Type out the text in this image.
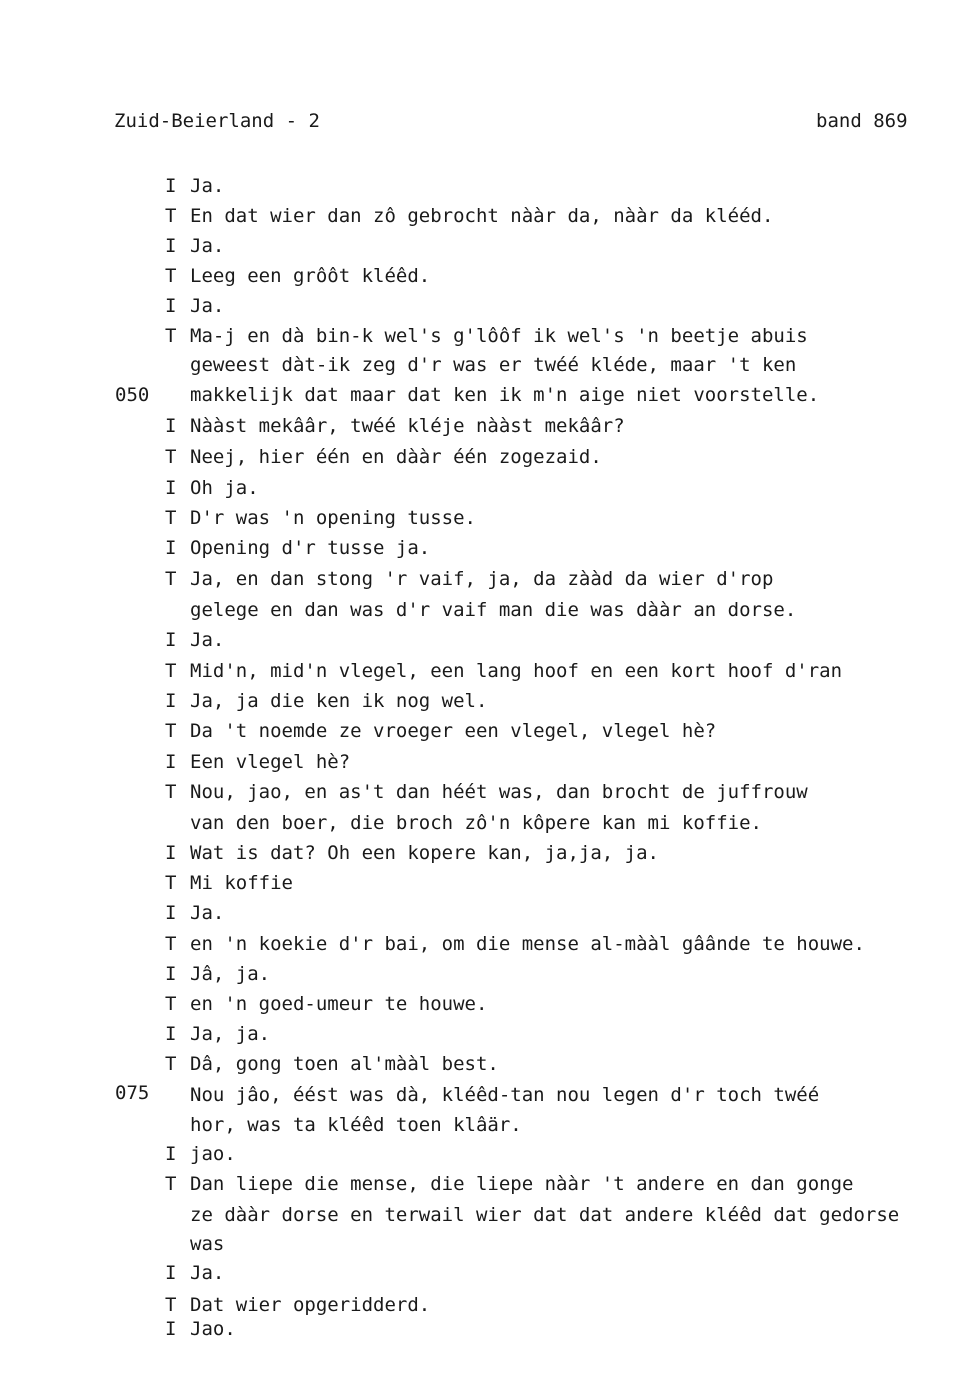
Zuid-Beierland - 2	band 869
050
075
I Ja.
T En dat wier dan zô gebrocht nààr da, nààr da klééd.
I Ja.
T Leeg een grôôt kléêd.
I Ja.
T Ma-j en dà bin-k wel's g'lôôf ik wel's 'n beetje abuis
geweest dàt-ik zeg d'r was er twéé kléde, maar 't ken
makkelijk dat maar dat ken ik m'n aige niet voorstelle.
I Nààst mekââr, twéé kléje nààst mekââr?
T Neej, hier één en dààr één zogezaid.
I Oh ja.
T D'r was 'n opening tusse.
I Opening d'r tusse ja.
T Ja, en dan stong 'r vaif, ja, da zààd da wier d'rop
gelege en dan was d'r vaif man die was dààr an dorse.
I Ja.
T Mid'n, mid'n vlegel, een lang hoof en een kort hoof d'ran
I Ja, ja die ken ik nog wel.
T Da 't noemde ze vroeger een vlegel, vlegel hè?
I Een vlegel hè?
T Nou, jao, en as't dan héét was, dan brocht de juffrouw
van den boer, die broch zô'n kôpere kan mi koffie.
I Wat is dat? Oh een kopere kan, ja,ja, ja.
T Mi koffie
I Ja.
T en 'n koekie d'r bai, om die mense al-mààl gâânde te houwe.
I Jâ, ja.
T en 'n goed-umeur te houwe.
I Ja, ja.
T Dâ, gong toen al'mààl best.
Nou jâo, éést was dà, kléêd-tan nou legen d'r toch twéé
hor, was ta kléêd toen klâär.
I jao.
T Dan liepe die mense, die liepe nààr 't andere en dan gonge
ze dààr dorse en terwail wier dat dat andere kléêd dat gedorse
was
I Ja.
T Dat wier opgeridderd.
I Jao.
